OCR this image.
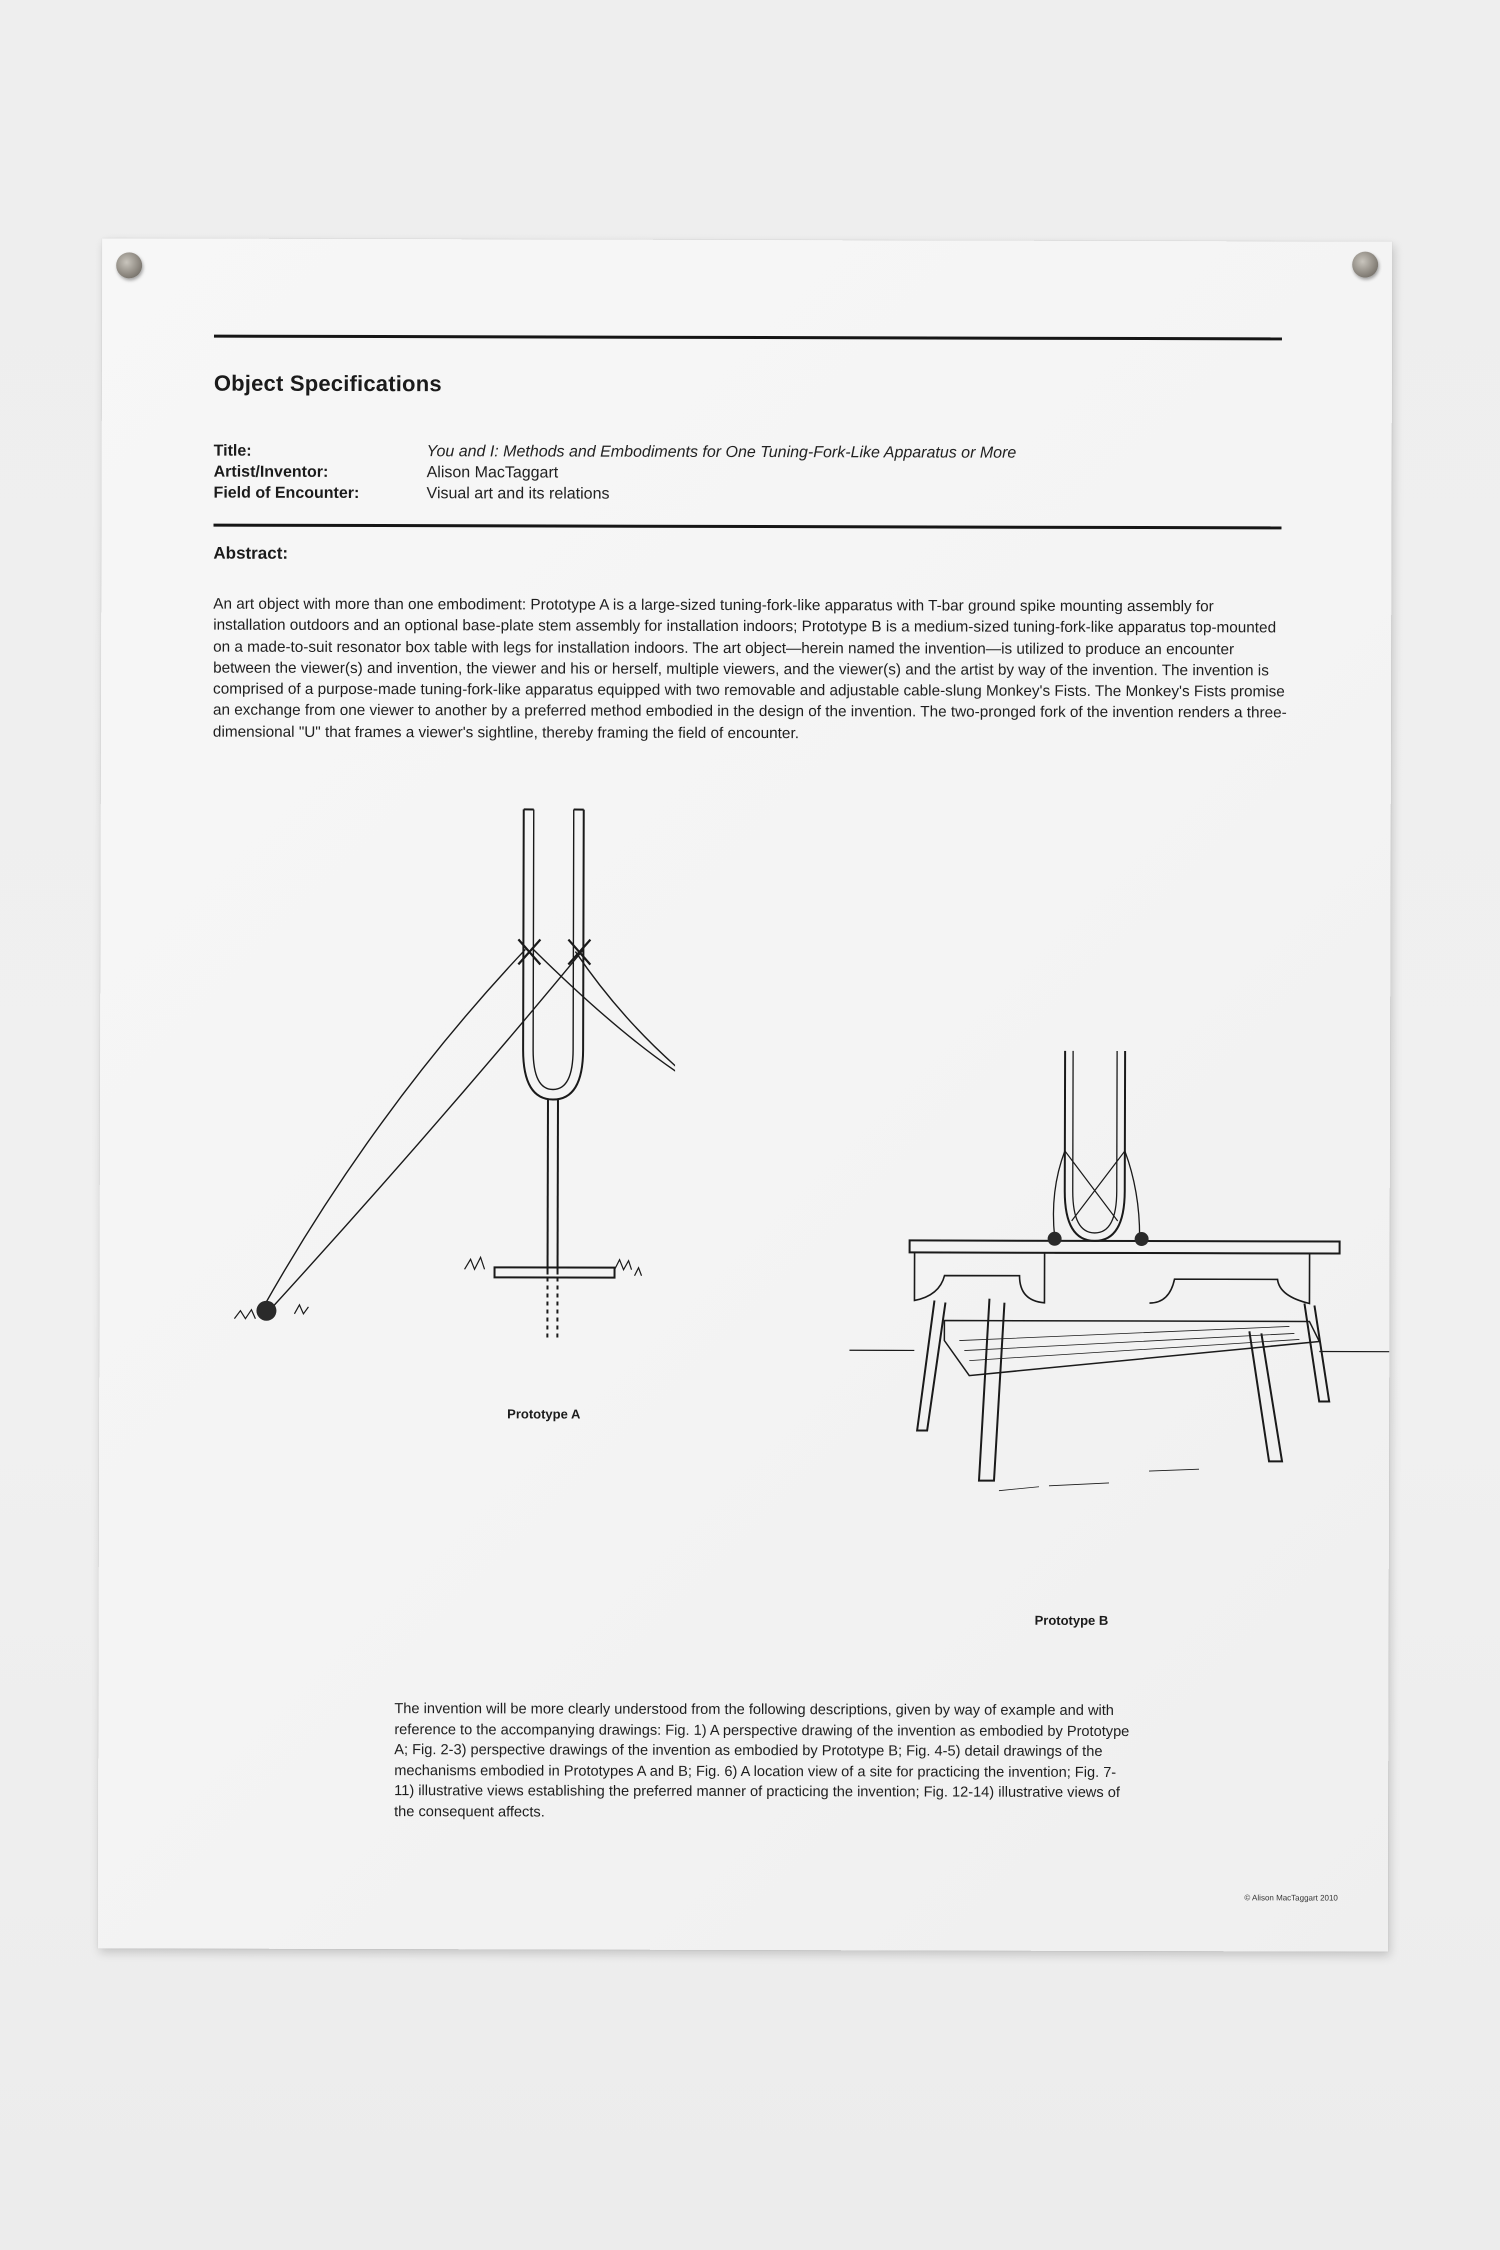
Object Specifications
Title:	You and I: Methods and Embodiments for One Tuning-Fork-Like Apparatus or More
Artist/Inventor:	Alison MacTaggart
Field of Encounter:	Visual art and its relations
Abstract:
An art object with more than one embodiment: Prototype A is a large-sized tuning-fork-like apparatus with T-bar ground spike mounting assembly for installation outdoors and an optional base-plate stem assembly for installation indoors; Prototype B is a medium-sized tuning-fork-like apparatus top-mounted on a made-to-suit resonator box table with legs for installation indoors. The art object—herein named the invention—is utilized to produce an encounter between the viewer(s) and invention, the viewer and his or herself, multiple viewers, and the viewer(s) and the artist by way of the invention. The invention is comprised of a purpose-made tuning-fork-like apparatus equipped with two removable and adjustable cable-slung Monkey's Fists. The Monkey's Fists promise an exchange from one viewer to another by a preferred method embodied in the design of the invention. The two-pronged fork of the invention renders a three-dimensional "U" that frames a viewer's sightline, thereby framing the field of encounter.
Prototype A
Prototype B
The invention will be more clearly understood from the following descriptions, given by way of example and with reference to the accompanying drawings: Fig. 1) A perspective drawing of the invention as embodied by Prototype A; Fig. 2-3) perspective drawings of the invention as embodied by Prototype B; Fig. 4-5) detail drawings of the mechanisms embodied in Prototypes A and B; Fig. 6) A location view of a site for practicing the invention; Fig. 7-11) illustrative views establishing the preferred manner of practicing the invention; Fig. 12-14) illustrative views of the consequent affects.
© Alison MacTaggart 2010
